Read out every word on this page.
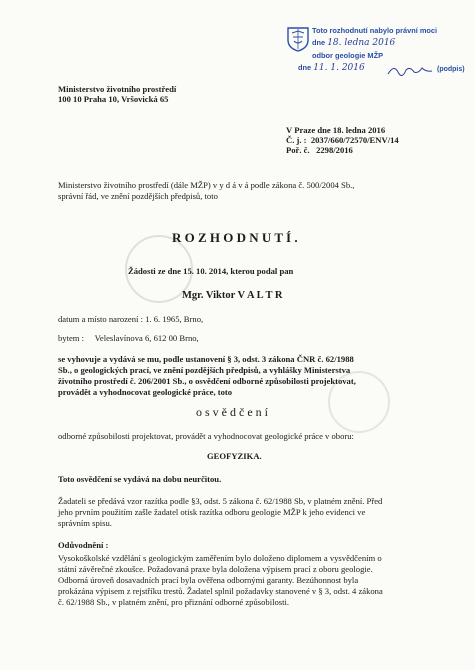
Toto rozhodnutí nabylo právní moci
dne 18. ledna 2016
odbor geologie MŽP
dne 11. 1. 2016	(podpis)
Ministerstvo životního prostředí
100 10 Praha 10, Vršovická 65
V Praze dne 18. ledna 2016
Č. j. : 2037/660/72570/ENV/14
Poř. č. 2298/2016
Ministerstvo životního prostředí (dále MŽP) v y d á v á podle zákona č. 500/2004 Sb.,
správní řád, ve znění pozdějších předpisů, toto
R O Z H O D N U T Í .
Žádosti ze dne 15. 10. 2014, kterou podal pan
Mgr. Viktor V A L T R
datum a místo narození : 1. 6. 1965, Brno,
bytem : Veleslavínova 6, 612 00 Brno,
se vyhovuje a vydává se mu, podle ustanovení § 3, odst. 3 zákona ČNR č. 62/1988
Sb., o geologických prací, ve znění pozdějších předpisů, a vyhlášky Ministerstva
životního prostředí č. 206/2001 Sb., o osvědčení odborné způsobilosti projektovat,
provádět a vyhodnocovat geologické práce, toto
o s v ě d č e n í
odborné způsobilosti projektovat, provádět a vyhodnocovat geologické práce v oboru:
GEOFYZIKA.
Toto osvědčení se vydává na dobu neurčitou.
Žadateli se předává vzor razítka podle §3, odst. 5 zákona č. 62/1988 Sb, v platném znění. Před
jeho prvním použitím zašle žadatel otisk razítka odboru geologie MŽP k jeho evidenci ve
správním spisu.
Odůvodnění :
Vysokoškolské vzdělání s geologickým zaměřením bylo doloženo diplomem a vysvědčením o
státní závěrečné zkoušce. Požadovaná praxe byla doložena výpisem prací z oboru geologie.
Odborná úroveň dosavadních prací byla ověřena odbornými garanty. Bezúhonnost byla
prokázána výpisem z rejstříku trestů. Žadatel splnil požadavky stanovené v § 3, odst. 4 zákona
č. 62/1988 Sb., v platném znění, pro přiznání odborné způsobilosti.
